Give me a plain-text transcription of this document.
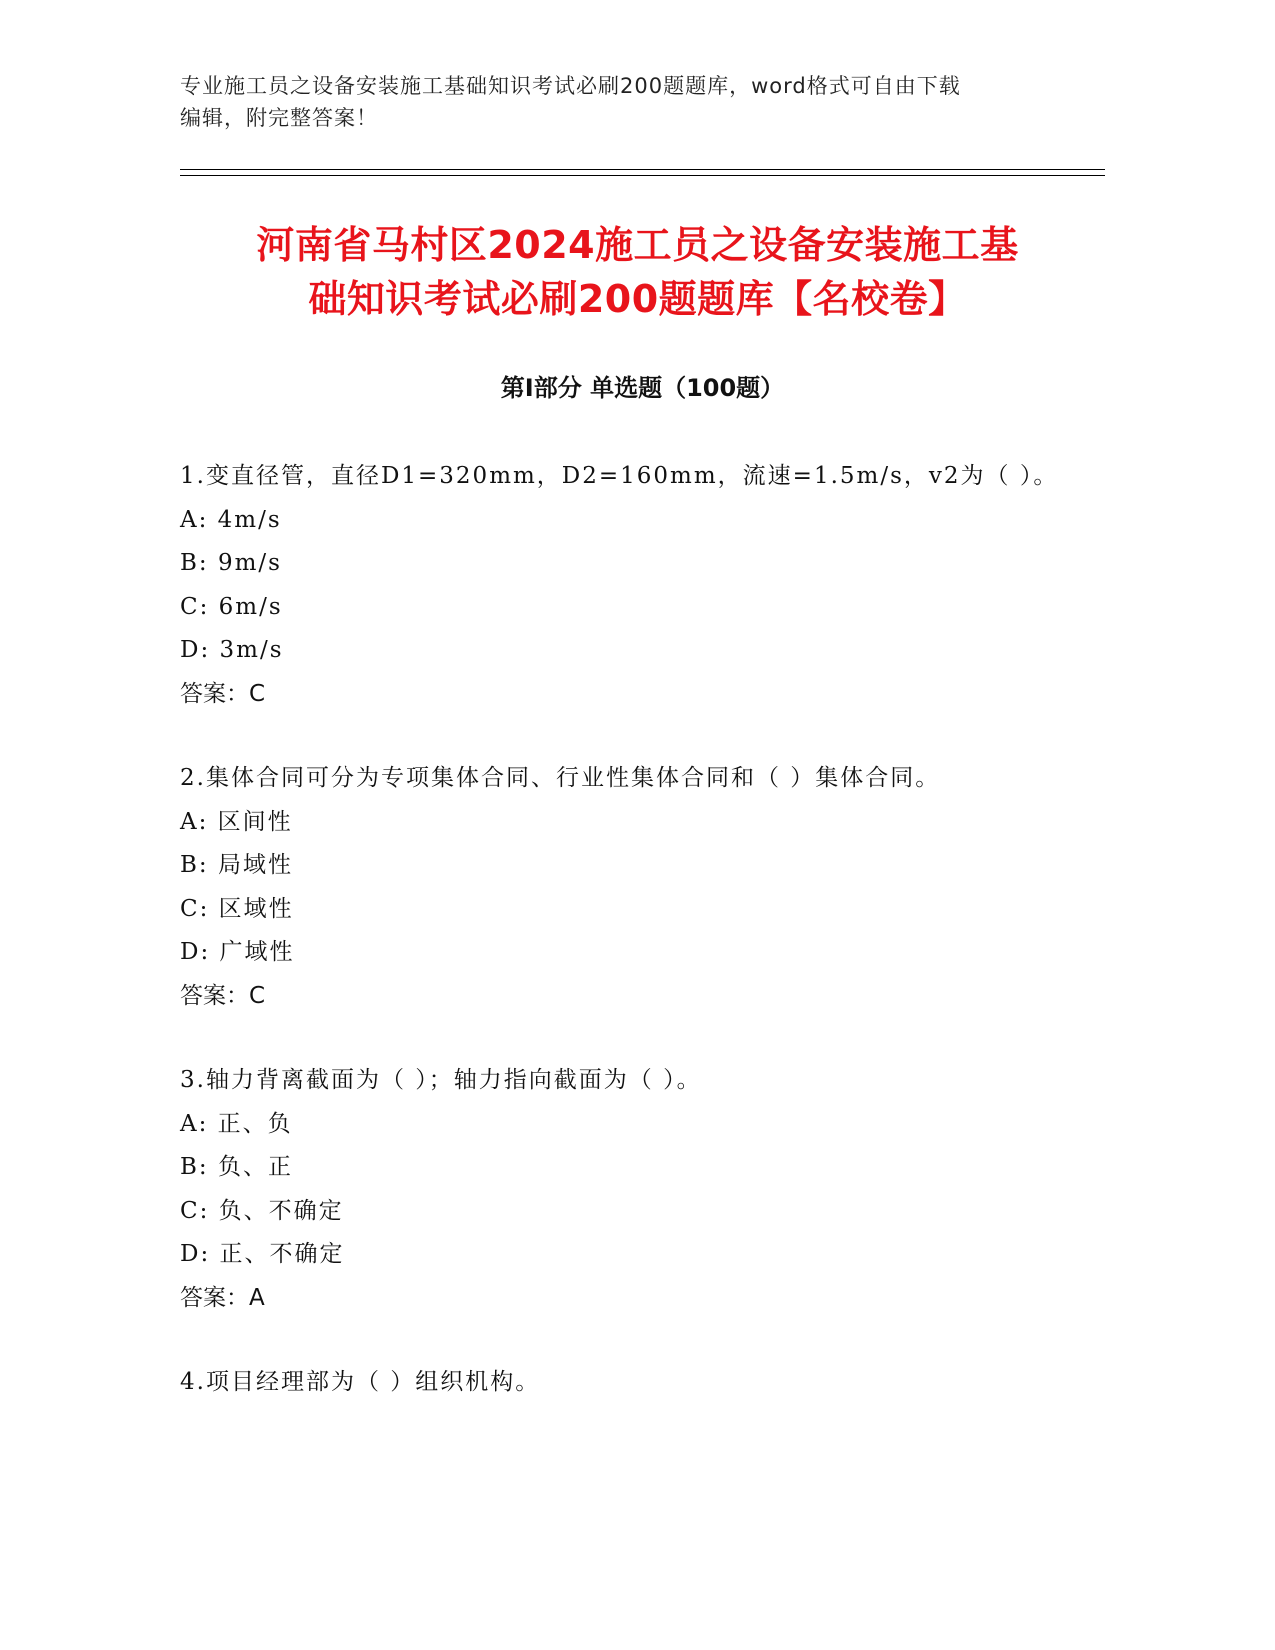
专业施工员之设备安装施工基础知识考试必刷200题题库，word格式可自由下载
编辑，附完整答案！
河南省马村区2024施工员之设备安装施工基
础知识考试必刷200题题库【名校卷】
第I部分 单选题（100题）
1.变直径管，直径D1=320mm，D2=160mm，流速=1.5m/s，v2为（ ）。
A: 4m/s
B: 9m/s
C: 6m/s
D: 3m/s
答案：C
2.集体合同可分为专项集体合同、行业性集体合同和（ ）集体合同。
A: 区间性
B: 局域性
C: 区域性
D: 广域性
答案：C
3.轴力背离截面为（ ）；轴力指向截面为（ ）。
A: 正、负
B: 负、正
C: 负、不确定
D: 正、不确定
答案：A
4.项目经理部为（ ）组织机构。
